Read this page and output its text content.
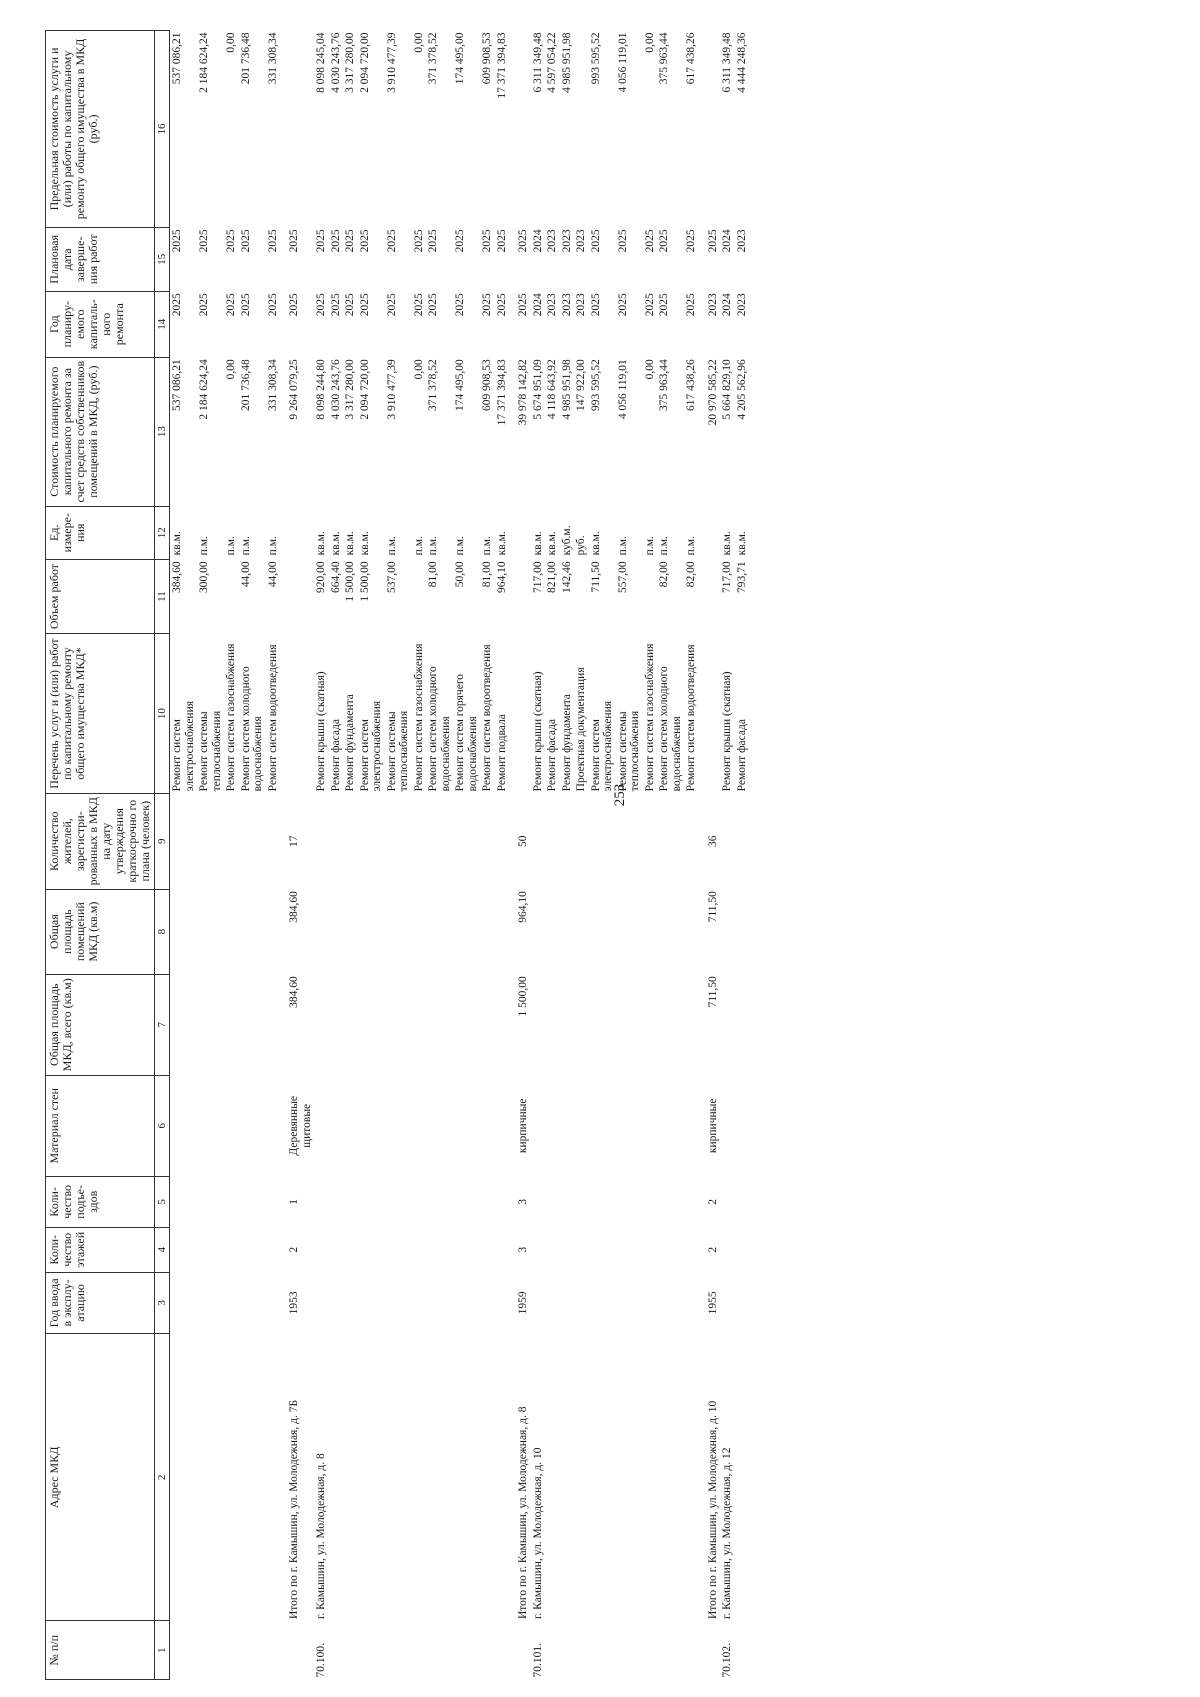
253
№ п/п	Адрес МКД	Год ввода в эксплу-атацию	Коли-чество этажей	Коли-чество подъе-здов	Материал стен	Общая площадь МКД, всего (кв.м)	Общая площадь помещений МКД (кв.м)	Количество жителей, зарегистри-рованных в МКД на дату утверждения краткосрочно го плана (человек)	Перечень услуг и (или) работ по капитальному ремонту общего имущества МКД*	Объем работ	Ед. измере-ния	Стоимость планируемого капитального ремонта за счет средств собственников помещений в МКД, (руб.)	Год планиру-емого капиталь-ного ремонта	Плановая дата заверше-ния работ	Предельная стоимость услуги и (или) работы по капитальному ремонту общего имущества в МКД (руб.)
1	2	3	4	5	6	7	8	9	10	11	12	13	14	15	16
									Ремонт систем электроснабжения	384,60	кв.м.	537 086,21	2025	2025	537 086,21
									Ремонт системы теплоснабжения	300,00	п.м.	2 184 624,24	2025	2025	2 184 624,24
									Ремонт систем газоснабжения		п.м.	0,00	2025	2025	0,00
									Ремонт систем холодного водоснабжения	44,00	п.м.	201 736,48	2025	2025	201 736,48
									Ремонт систем водоотведения	44,00	п.м.	331 308,34	2025	2025	331 308,34
	Итого по г. Камышин, ул. Молодежная, д. 7Б	1953	2	1	Деревянные щитовые	384,60	384,60	17				9 264 079,25	2025	2025	
70.100.	г. Камышин, ул. Молодежная, д. 8								Ремонт крыши (скатная)	920,00	кв.м.	8 098 244,80	2025	2025	8 098 245,04
									Ремонт фасада	664,40	кв.м.	4 030 243,76	2025	2025	4 030 243,76
									Ремонт фундамента	1 500,00	кв.м.	3 317 280,00	2025	2025	3 317 280,00
									Ремонт систем электроснабжения	1 500,00	кв.м.	2 094 720,00	2025	2025	2 094 720,00
									Ремонт системы теплоснабжения	537,00	п.м.	3 910 477,39	2025	2025	3 910 477,39
									Ремонт систем газоснабжения		п.м.	0,00	2025	2025	0,00
									Ремонт систем холодного водоснабжения	81,00	п.м.	371 378,52	2025	2025	371 378,52
									Ремонт систем горячего водоснабжения	50,00	п.м.	174 495,00	2025	2025	174 495,00
									Ремонт систем водоотведения	81,00	п.м.	609 908,53	2025	2025	609 908,53
									Ремонт подвала	964,10	кв.м.	17 371 394,83	2025	2025	17 371 394,83
	Итого по г. Камышин, ул. Молодежная, д. 8	1959	3	3	кирпичные	1 500,00	964,10	50				39 978 142,82	2025	2025	
70.101.	г. Камышин, ул. Молодежная, д. 10								Ремонт крыши (скатная)	717,00	кв.м.	5 674 951,09	2024	2024	6 311 349,48
									Ремонт фасада	821,00	кв.м.	4 118 643,92	2023	2023	4 597 054,22
									Ремонт фундамента	142,46	куб.м.	4 985 951,98	2023	2023	4 985 951,98
									Проектная документация		руб.	147 922,00	2023	2023	
									Ремонт систем электроснабжения	711,50	кв.м.	993 595,52	2025	2025	993 595,52
									Ремонт системы теплоснабжения	557,00	п.м.	4 056 119,01	2025	2025	4 056 119,01
									Ремонт систем газоснабжения		п.м.	0,00	2025	2025	0,00
									Ремонт систем холодного водоснабжения	82,00	п.м.	375 963,44	2025	2025	375 963,44
									Ремонт систем водоотведения	82,00	п.м.	617 438,26	2025	2025	617 438,26
	Итого по г. Камышин, ул. Молодежная, д. 10	1955	2	2	кирпичные	711,50	711,50	36				20 970 585,22	2023	2025	
70.102.	г. Камышин, ул. Молодежная, д. 12								Ремонт крыши (скатная)	717,00	кв.м.	5 664 829,10	2024	2024	6 311 349,48
									Ремонт фасада	793,71	кв.м.	4 205 562,96	2023	2023	4 444 248,36
